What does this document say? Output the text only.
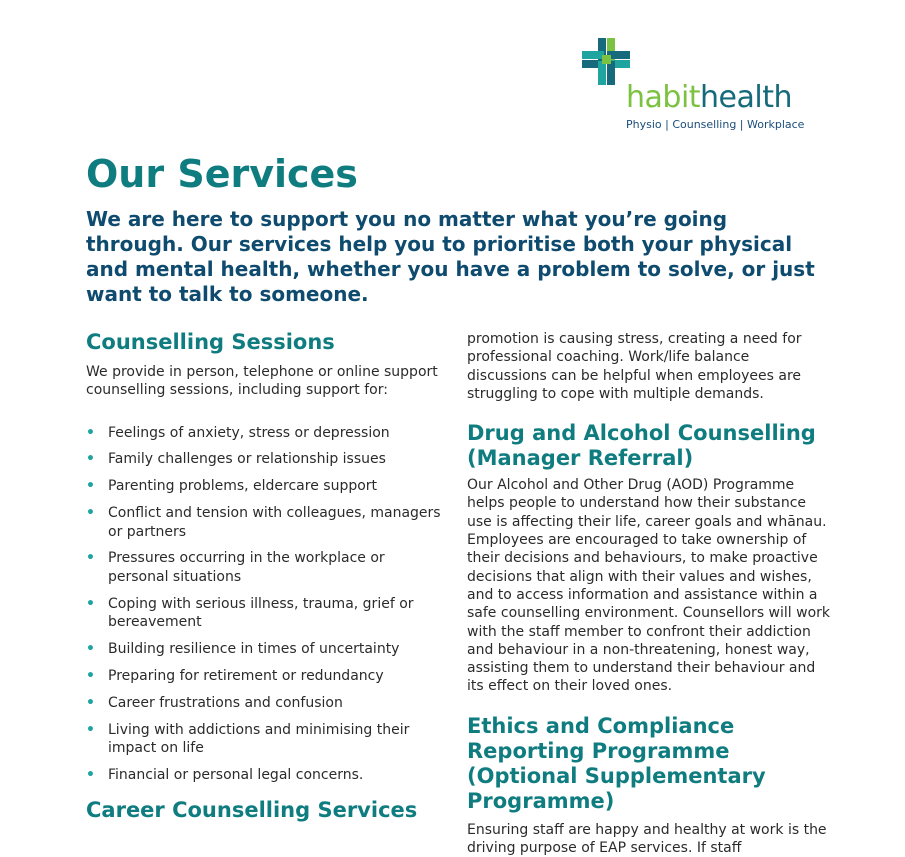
habithealth
Physio | Counselling | Workplace
Our Services

We are here to support you no matter what you’re going through. Our services help you to prioritise both your physical and mental health, whether you have a problem to solve, or just want to talk to someone.

Counselling Sessions

We provide in person, telephone or online support counselling sessions, including support for:

• Feelings of anxiety, stress or depression
• Family challenges or relationship issues
• Parenting problems, eldercare support
• Conflict and tension with colleagues, managers or partners
• Pressures occurring in the workplace or personal situations
• Coping with serious illness, trauma, grief or bereavement
• Building resilience in times of uncertainty
• Preparing for retirement or redundancy
• Career frustrations and confusion
• Living with addictions and minimising their impact on life
• Financial or personal legal concerns.
Career Counselling Services

promotion is causing stress, creating a need for professional coaching. Work/life balance discussions can be helpful when employees are struggling to cope with multiple demands.

Drug and Alcohol Counselling (Manager Referral)

Our Alcohol and Other Drug (AOD) Programme helps people to understand how their substance use is affecting their life, career goals and whānau. Employees are encouraged to take ownership of their decisions and behaviours, to make proactive decisions that align with their values and wishes, and to access information and assistance within a safe counselling environment. Counsellors will work with the staff member to confront their addiction and behaviour in a non-threatening, honest way, assisting them to understand their behaviour and its effect on their loved ones.

Ethics and Compliance Reporting Programme (Optional Supplementary Programme)

Ensuring staff are happy and healthy at work is the driving purpose of EAP services. If staff
